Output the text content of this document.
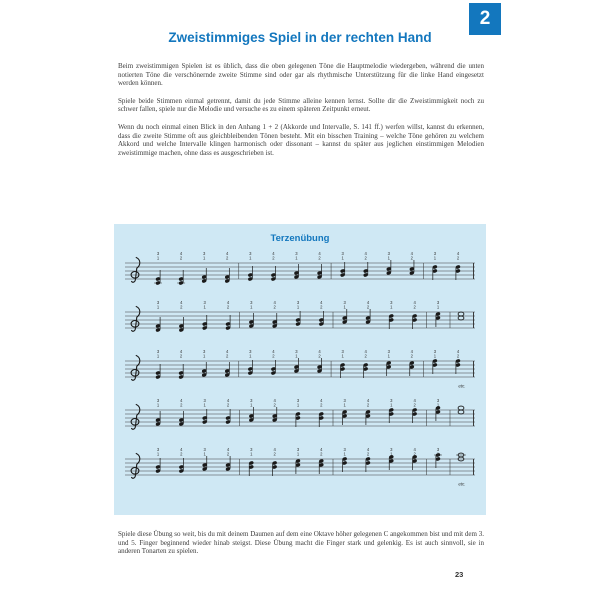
2
Zweistimmiges Spiel in der rechten Hand

Beim zweistimmigen Spielen ist es üblich, dass die oben gelegenen Töne die Hauptmelodie wiedergeben, während die unten notierten Töne die verschönernde zweite Stimme sind oder gar als rhythmische Unterstützung für die linke Hand eingesetzt werden können.

Spiele beide Stimmen einmal getrennt, damit du jede Stimme alleine kennen lernst. Sollte dir die Zweistimmigkeit noch zu schwer fallen, spiele nur die Melodie und versuche es zu einem späteren Zeitpunkt erneut.

Wenn du noch einmal einen Blick in den Anhang 1 + 2 (Akkorde und Intervalle, S. 141 ff.) werfen willst, kannst du erkennen, dass die zweite Stimme oft aus gleichbleibenden Tönen besteht. Mit ein bisschen Training – welche Töne gehören zu welchem Akkord und welche Intervalle klingen harmonisch oder dissonant – kannst du später aus jeglichen einstimmigen Melodien zweistimmige machen, ohne dass es ausgeschrieben ist.

Terzenübung
3
1
4
2
3
1
4
2
3
1
4
2
3
1
4
2
3
1
4
2
3
1
4
2
3
1
4
2
3
1
4
2
3
1
4
2
3
1
4
2
3
1
4
2
3
1
4
2
3
1
4
2
3
1
3
1
4
2
3
1
4
2
3
1
4
2
3
1
4
2
3
1
4
2
3
1
4
2
3
1
4
2
etc.
3
1
4
2
3
1
4
2
3
1
4
2
3
1
4
2
3
1
4
2
3
1
4
2
3
1
3
1
4
2
3
1
4
2
3
1
4
2
3
1
4
2
3
1
4
2
3
1
4
2
3
1
etc.

Spiele diese Übung so weit, bis du mit deinem Daumen auf dem eine Oktave höher gelegenen C angekommen bist und mit dem 3. und 5. Finger beginnend wieder hinab steigst. Diese Übung macht die Finger stark und gelenkig. Es ist auch sinnvoll, sie in anderen Tonarten zu spielen.

23
